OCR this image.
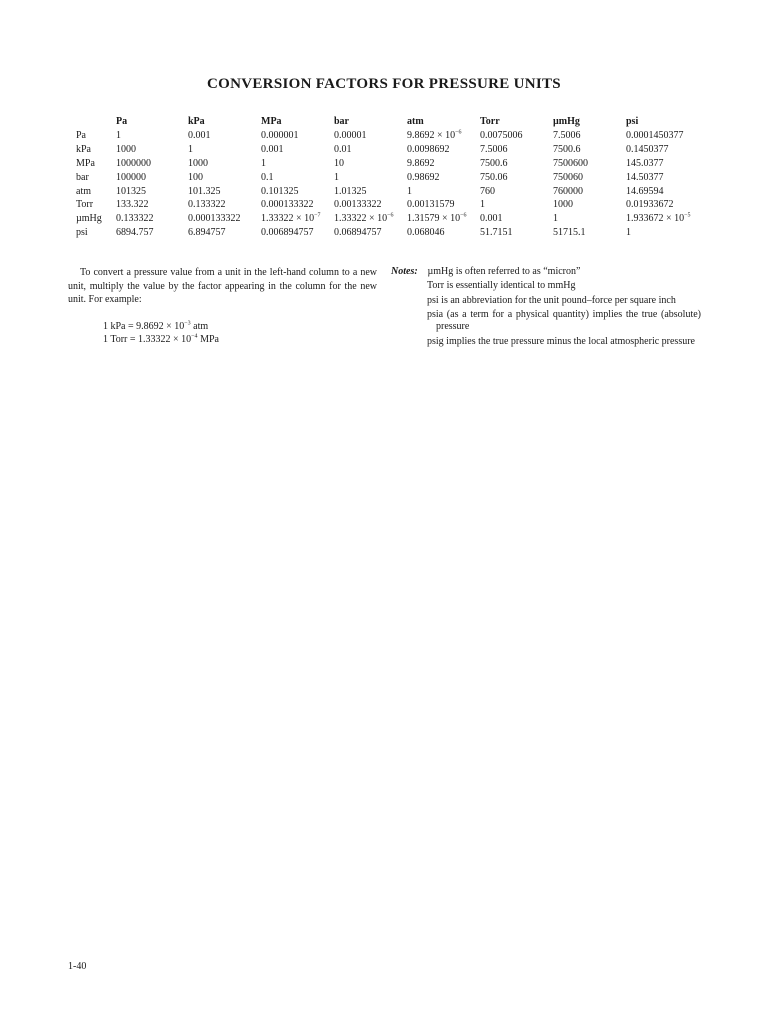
CONVERSION FACTORS FOR PRESSURE UNITS
	Pa	kPa	MPa	bar	atm	Torr	µmHg	psi
Pa	1	0.001	0.000001	0.00001	$9.8692 \times 10^{-6}$	0.0075006	7.5006	0.0001450377
kPa	1000	1	0.001	0.01	0.0098692	7.5006	7500.6	0.1450377
MPa	1000000	1000	1	10	9.8692	7500.6	7500600	145.0377
bar	100000	100	0.1	1	0.98692	750.06	750060	14.50377
atm	101325	101.325	0.101325	1.01325	1	760	760000	14.69594
Torr	133.322	0.133322	0.000133322	0.00133322	0.00131579	1	1000	0.01933672
µmHg	0.133322	0.000133322	$1.33322 \times 10^{-7}$	$1.33322 \times 10^{-6}$	$1.31579 \times 10^{-6}$	0.001	1	$1.933672 \times 10^{-5}$
psi	6894.757	6.894757	0.006894757	0.06894757	0.068046	51.7151	51715.1	1

To convert a pressure value from a unit in the left-hand column to a new unit, multiply the value by the factor appearing in the column for the new unit. For example:

1 kPa = $9.8692 \times 10^{-3}$ atm
1 Torr = $1.33322 \times 10^{-4}$ MPa
Notes: µmHg is often referred to as “micron”
Torr is essentially identical to mmHg
psi is an abbreviation for the unit pound–force per square inch
psia (as a term for a physical quantity) implies the true (absolute) pressure
psig implies the true pressure minus the local atmospheric pressure
1-40
